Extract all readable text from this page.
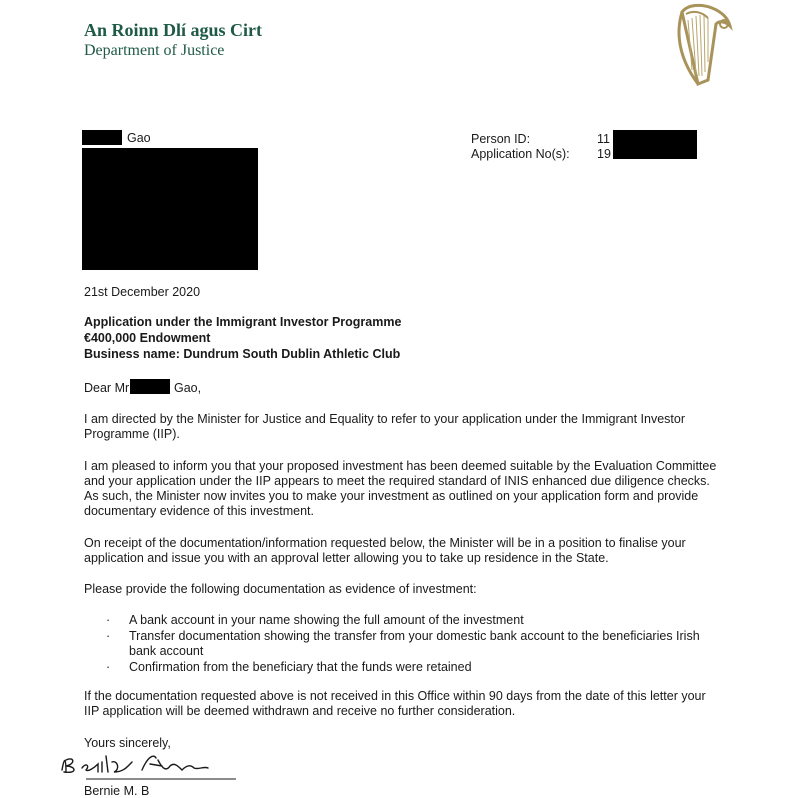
An Roinn Dlí agus Cirt
Department of Justice
Gao	Person ID:	11
Application No(s): 19
21st December 2020
Application under the Immigrant Investor Programme
€400,000 Endowment
Business name: Dundrum South Dublin Athletic Club
Dear Mr	Gao,
I am directed by the Minister for Justice and Equality to refer to your application under the Immigrant Investor Programme (IIP).
I am pleased to inform you that your proposed investment has been deemed suitable by the Evaluation Committee and your application under the IIP appears to meet the required standard of INIS enhanced due diligence checks. As such, the Minister now invites you to make your investment as outlined on your application form and provide documentary evidence of this investment.
On receipt of the documentation/information requested below, the Minister will be in a position to finalise your application and issue you with an approval letter allowing you to take up residence in the State.
Please provide the following documentation as evidence of investment:
· A bank account in your name showing the full amount of the investment
· Transfer documentation showing the transfer from your domestic bank account to the beneficiaries Irish bank account
· Confirmation from the beneficiary that the funds were retained
If the documentation requested above is not received in this Office within 90 days from the date of this letter your IIP application will be deemed withdrawn and receive no further consideration.
Yours sincerely,
Bernie M. B
